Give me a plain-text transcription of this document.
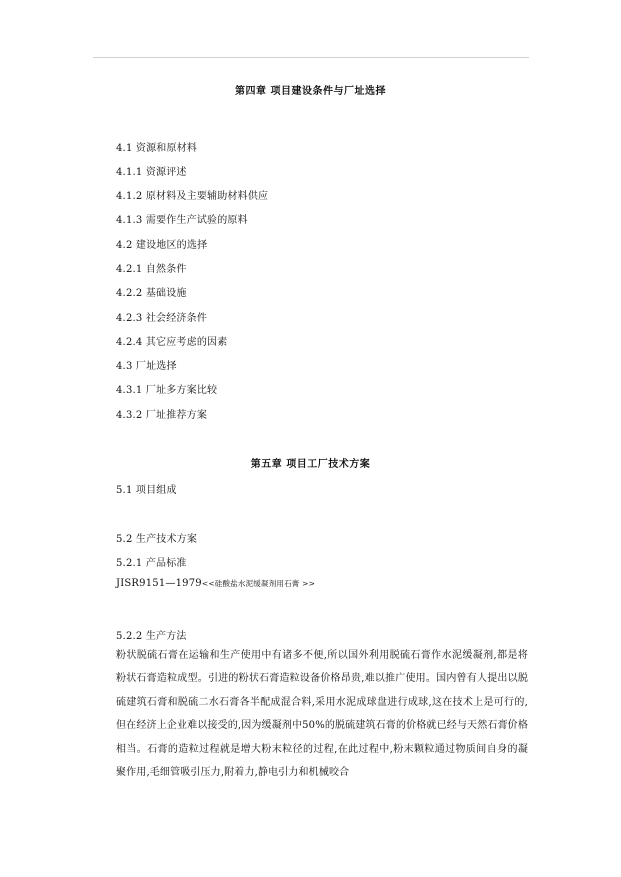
第四章 项目建设条件与厂址选择
4.1 资源和原材料
4.1.1 资源评述
4.1.2 原材料及主要辅助材料供应
4.1.3 需要作生产试验的原料
4.2 建设地区的选择
4.2.1 自然条件
4.2.2 基础设施
4.2.3 社会经济条件
4.2.4 其它应考虑的因素
4.3 厂址选择
4.3.1 厂址多方案比较
4.3.2 厂址推荐方案
第五章 项目工厂技术方案
5.1 项目组成
5.2 生产技术方案
5.2.1 产品标准
JISR9151—1979<<硅酸盐水泥缓凝剂用石膏 >>
5.2.2 生产方法
粉状脱硫石膏在运输和生产使用中有诸多不便,所以国外利用脱硫石膏作水泥缓凝剂,都是将粉状石膏造粒成型。引进的粉状石膏造粒设备价格昂贵,难以推广使用。国内曾有人提出以脱硫建筑石膏和脱硫二水石膏各半配成混合料,采用水泥成球盘进行成球,这在技术上是可行的,但在经济上企业难以接受的,因为缓凝剂中50%的脱硫建筑石膏的价格就已经与天然石膏价格相当。石膏的造粒过程就是增大粉末粒径的过程,在此过程中,粉末颗粒通过物质间自身的凝聚作用,毛细管吸引压力,附着力,静电引力和机械咬合
